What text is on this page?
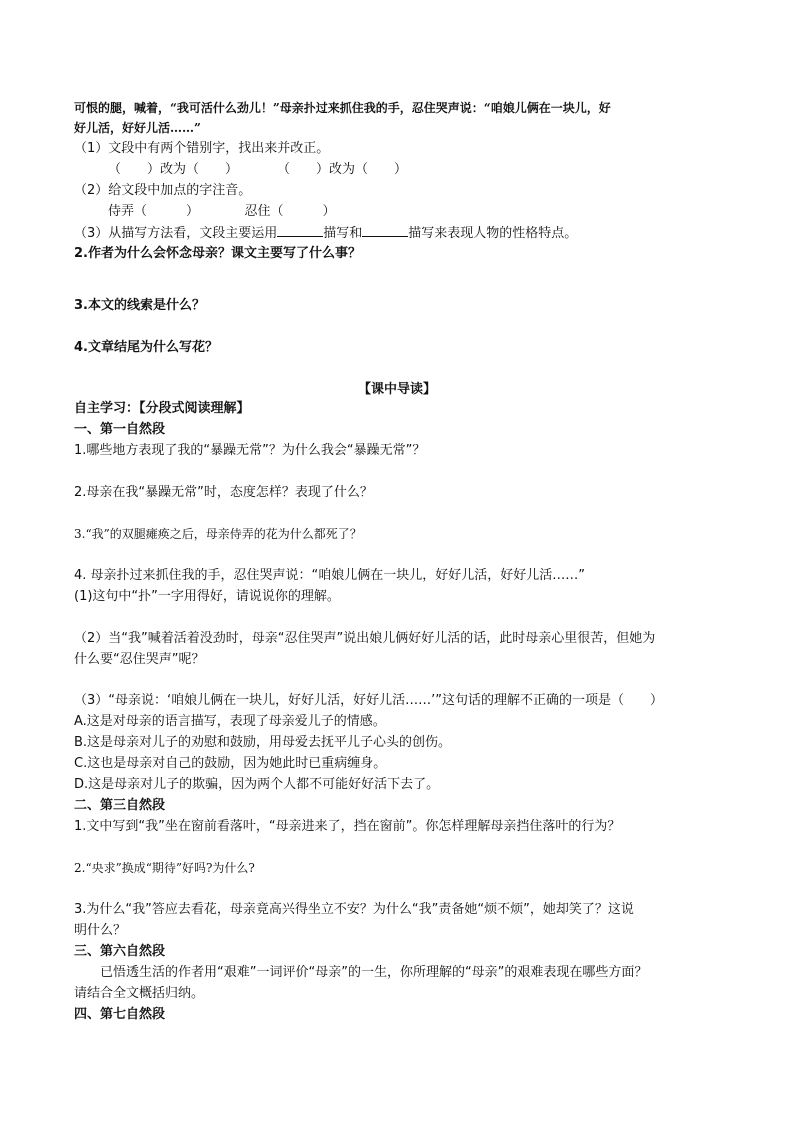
可恨的腿，喊着，“我可活什么劲儿！”母亲扑过来抓住我的手，忍住哭声说：“咱娘儿俩在一块儿，好
好儿活，好好儿活……”
（1）文段中有两个错别字，找出来并改正。
（　　）改为（　　）　　　　（　　）改为（　　）
（2）给文段中加点的字注音。
侍弄（　　　）　　　　忍住（　　　）
（3）从描写方法看，文段主要运用	描写和	描写来表现人物的性格特点。
2.作者为什么会怀念母亲？课文主要写了什么事？
3.本文的线索是什么？
4.文章结尾为什么写花？
【课中导读】
自主学习：【分段式阅读理解】
一、第一自然段
1.哪些地方表现了我的“暴躁无常”？为什么我会“暴躁无常”？
2.母亲在我“暴躁无常”时，态度怎样？表现了什么？
3.“我”的双腿瘫痪之后，母亲侍弄的花为什么都死了？
4. 母亲扑过来抓住我的手，忍住哭声说：“咱娘儿俩在一块儿，好好儿活，好好儿活……”
(1)这句中“扑”一字用得好，请说说你的理解。
（2）当“我”喊着活着没劲时，母亲“忍住哭声”说出娘儿俩好好儿活的话，此时母亲心里很苦，但她为
什么要“忍住哭声”呢？
（3）“母亲说：‘咱娘儿俩在一块儿，好好儿活，好好儿活……’”这句话的理解不正确的一项是（　　）
A.这是对母亲的语言描写，表现了母亲爱儿子的情感。
B.这是母亲对儿子的劝慰和鼓励，用母爱去抚平儿子心头的创伤。
C.这也是母亲对自己的鼓励，因为她此时已重病缠身。
D.这是母亲对儿子的欺骗，因为两个人都不可能好好活下去了。
二、第三自然段
1.文中写到“我”坐在窗前看落叶，“母亲进来了，挡在窗前”。你怎样理解母亲挡住落叶的行为？
2.“央求”换成“期待”好吗?为什么?
3.为什么“我”答应去看花，母亲竟高兴得坐立不安？为什么“我”责备她“烦不烦”，她却笑了？这说
明什么？
三、第六自然段
已悟透生活的作者用“艰难”一词评价“母亲”的一生，你所理解的“母亲”的艰难表现在哪些方面？
请结合全文概括归纳。
四、第七自然段
